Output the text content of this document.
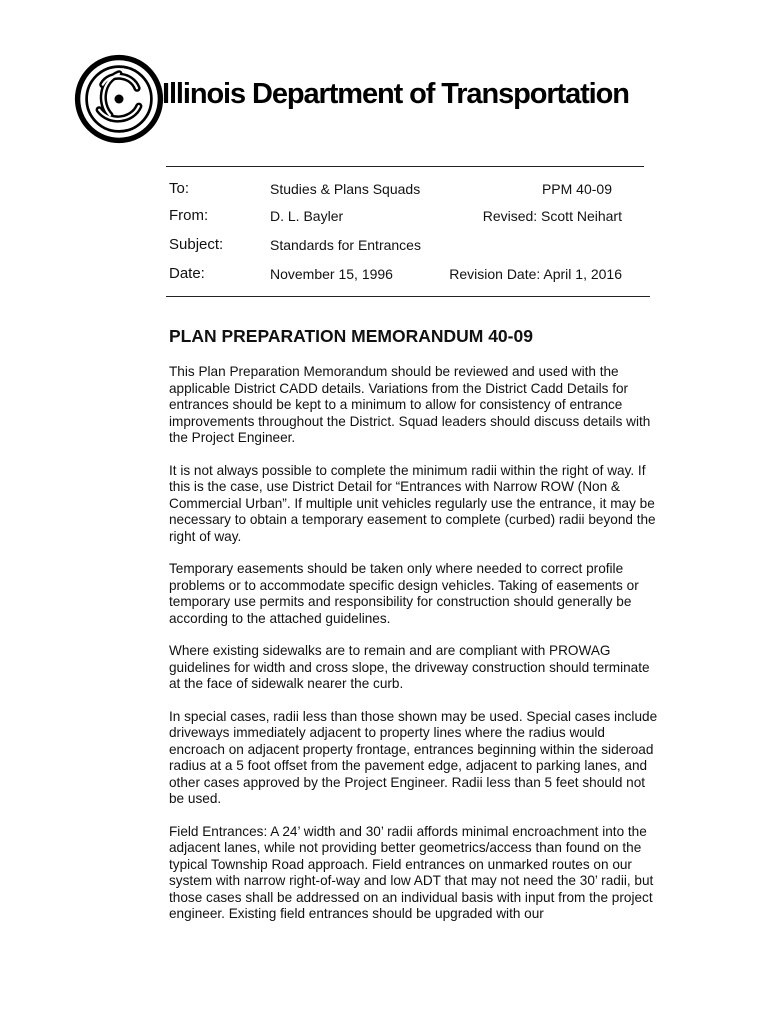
Illinois Department of Transportation
To:	Studies & Plans Squads	PPM 40-09
From:	D. L. Bayler	Revised: Scott Neihart
Subject:	Standards for Entrances
Date:	November 15, 1996	Revision Date: April 1, 2016
PLAN PREPARATION MEMORANDUM 40-09

This Plan Preparation Memorandum should be reviewed and used with the applicable District CADD details. Variations from the District Cadd Details for entrances should be kept to a minimum to allow for consistency of entrance improvements throughout the District. Squad leaders should discuss details with the Project Engineer.

It is not always possible to complete the minimum radii within the right of way. If this is the case, use District Detail for “Entrances with Narrow ROW (Non & Commercial Urban”. If multiple unit vehicles regularly use the entrance, it may be necessary to obtain a temporary easement to complete (curbed) radii beyond the right of way.

Temporary easements should be taken only where needed to correct profile problems or to accommodate specific design vehicles. Taking of easements or temporary use permits and responsibility for construction should generally be according to the attached guidelines.

Where existing sidewalks are to remain and are compliant with PROWAG guidelines for width and cross slope, the driveway construction should terminate at the face of sidewalk nearer the curb.

In special cases, radii less than those shown may be used. Special cases include driveways immediately adjacent to property lines where the radius would encroach on adjacent property frontage, entrances beginning within the sideroad radius at a 5 foot offset from the pavement edge, adjacent to parking lanes, and other cases approved by the Project Engineer. Radii less than 5 feet should not be used.

Field Entrances: A 24’ width and 30’ radii affords minimal encroachment into the adjacent lanes, while not providing better geometrics/access than found on the typical Township Road approach. Field entrances on unmarked routes on our system with narrow right-of-way and low ADT that may not need the 30’ radii, but those cases shall be addressed on an individual basis with input from the project engineer. Existing field entrances should be upgraded with our
